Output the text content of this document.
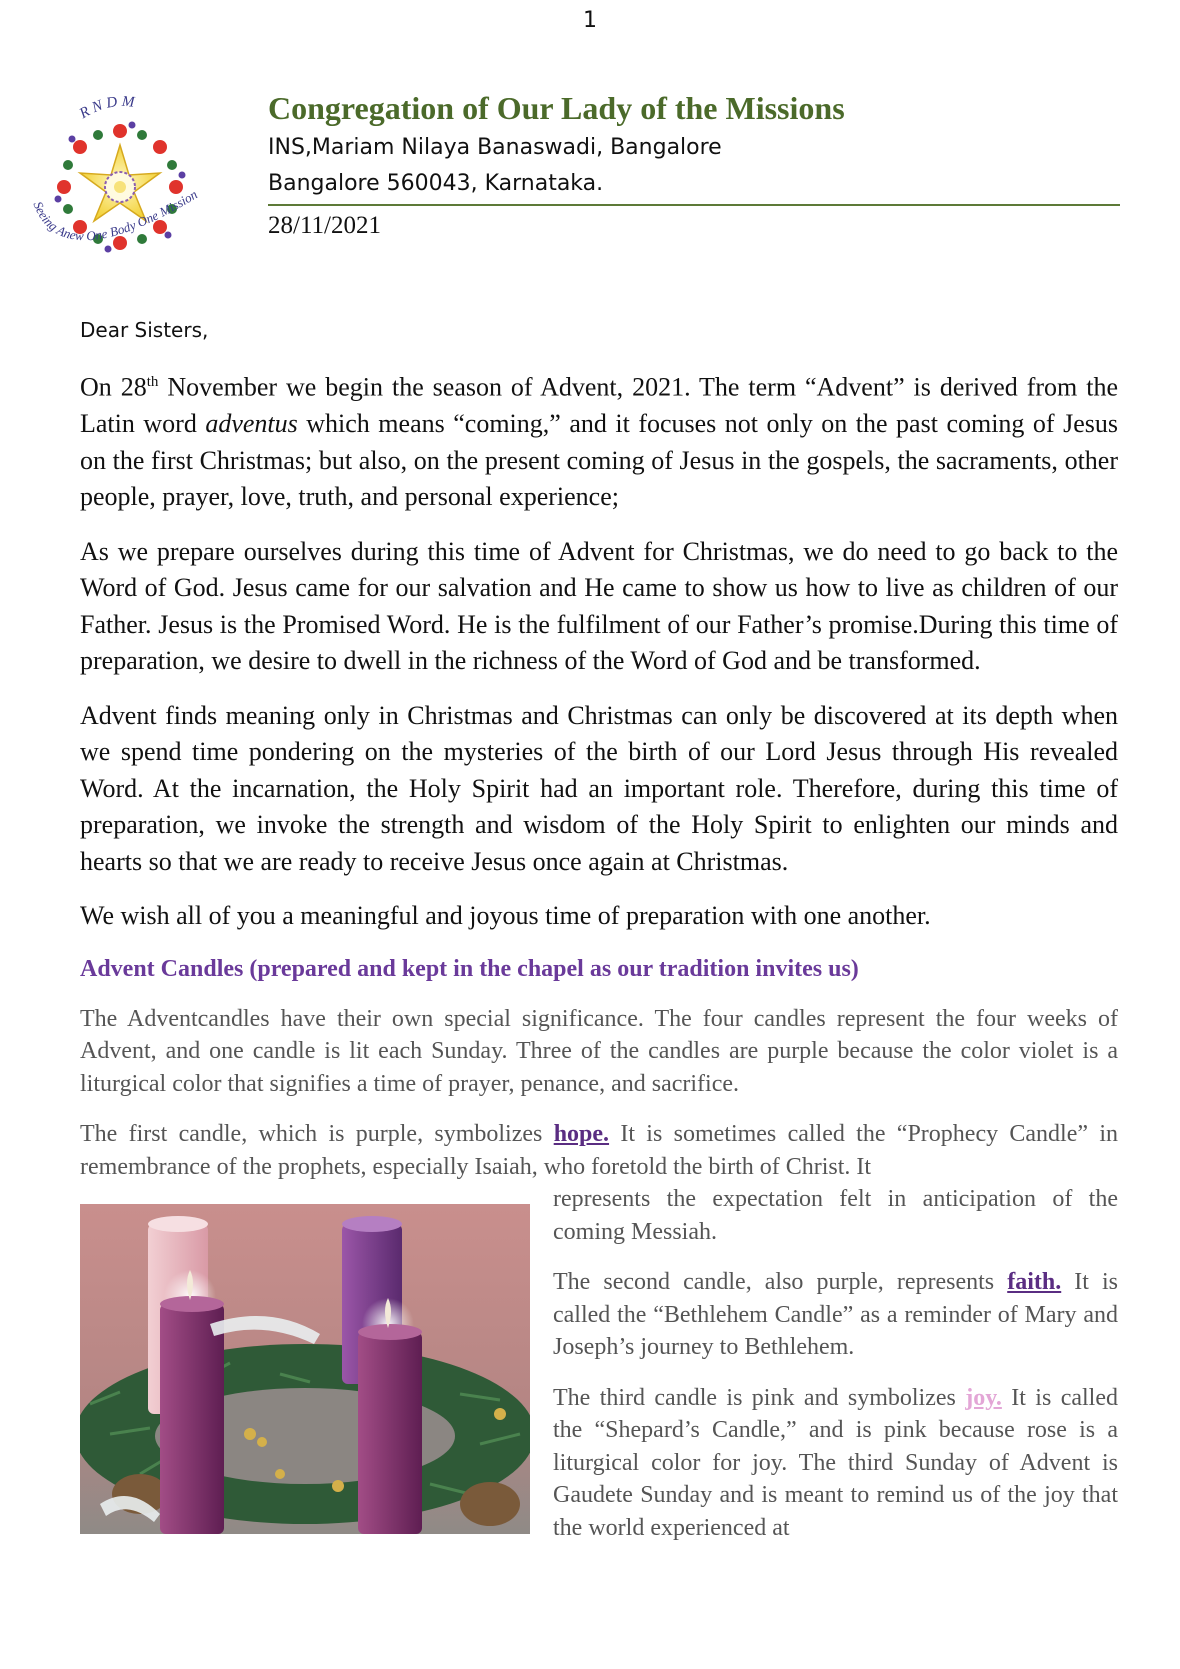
1
R N D M
Seeing Anew One Body One Mission
Congregation of Our Lady of the Missions
INS,Mariam Nilaya Banaswadi, Bangalore
Bangalore 560043, Karnataka.
28/11/2021
Dear Sisters,

On 28th November we begin the season of Advent, 2021. The term “Advent” is derived from the Latin word adventus which means “coming,” and it focuses not only on the past coming of Jesus on the first Christmas; but also, on the present coming of Jesus in the gospels, the sacraments, other people, prayer, love, truth, and personal experience;

As we prepare ourselves during this time of Advent for Christmas, we do need to go back to the Word of God. Jesus came for our salvation and He came to show us how to live as children of our Father. Jesus is the Promised Word. He is the fulfilment of our Father’s promise.During this time of preparation, we desire to dwell in the richness of the Word of God and be transformed.

Advent finds meaning only in Christmas and Christmas can only be discovered at its depth when we spend time pondering on the mysteries of the birth of our Lord Jesus through His revealed Word. At the incarnation, the Holy Spirit had an important role. Therefore, during this time of preparation, we invoke the strength and wisdom of the Holy Spirit to enlighten our minds and hearts so that we are ready to receive Jesus once again at Christmas.

We wish all of you a meaningful and joyous time of preparation with one another.

Advent Candles (prepared and kept in the chapel as our tradition invites us)

The Adventcandles have their own special significance. The four candles represent the four weeks of Advent, and one candle is lit each Sunday. Three of the candles are purple because the color violet is a liturgical color that signifies a time of prayer, penance, and sacrifice.

The first candle, which is purple, symbolizes hope. It is sometimes called the “Prophecy Candle” in remembrance of the prophets, especially Isaiah, who foretold the birth of Christ. It

represents the expectation felt in anticipation of the coming Messiah.

The second candle, also purple, represents faith. It is called the “Bethlehem Candle” as a reminder of Mary and Joseph’s journey to Bethlehem.

The third candle is pink and symbolizes joy. It is called the “Shepard’s Candle,” and is pink because rose is a liturgical color for joy. The third Sunday of Advent is Gaudete Sunday and is meant to remind us of the joy that the world experienced at
